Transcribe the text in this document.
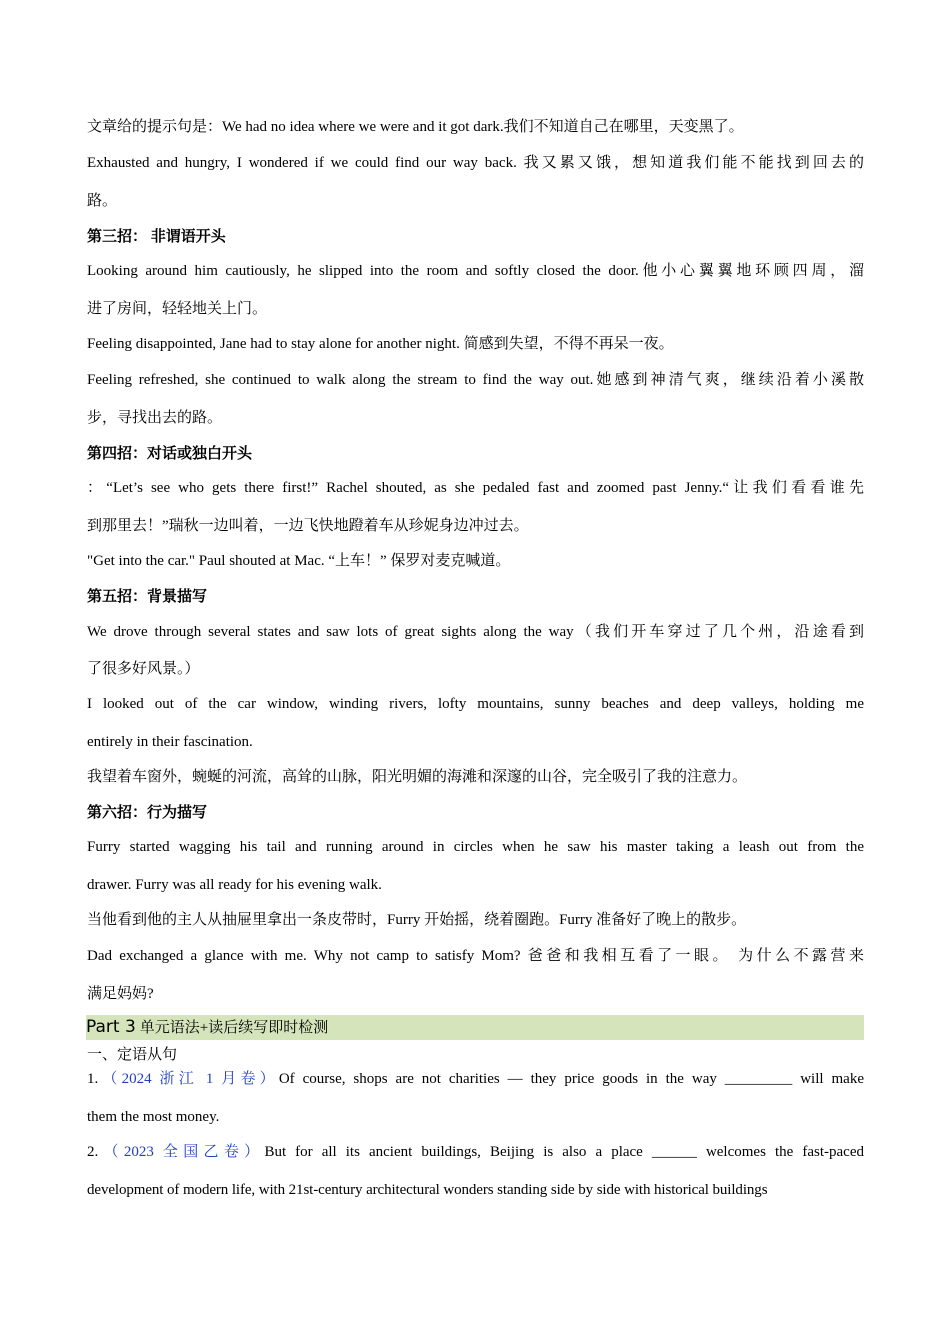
文章给的提示句是：We had no idea where we were and it got dark.我们不知道自己在哪里，天变黑了。
Exhausted and hungry, I wondered if we could find our way back. 我又累又饿，想知道我们能不能找到回去的
路。
第三招： 非谓语开头
Looking around him cautiously, he slipped into the room and softly closed the door.他小心翼翼地环顾四周，溜
进了房间，轻轻地关上门。
Feeling disappointed, Jane had to stay alone for another night. 简感到失望，不得不再呆一夜。
Feeling refreshed, she continued to walk along the stream to find the way out.她感到神清气爽，继续沿着小溪散
步，寻找出去的路。
第四招：对话或独白开头
：“Let’s see who gets there first!” Rachel shouted, as she pedaled fast and zoomed past Jenny.“让我们看看谁先
到那里去！”瑞秋一边叫着，一边飞快地蹬着车从珍妮身边冲过去。
"Get into the car." Paul shouted at Mac. “上车！” 保罗对麦克喊道。
第五招：背景描写
We drove through several states and saw lots of great sights along the way（我们开车穿过了几个州，沿途看到
了很多好风景。）
I looked out of the car window, winding rivers, lofty mountains, sunny beaches and deep valleys, holding me
entirely in their fascination.
我望着车窗外，蜿蜒的河流，高耸的山脉，阳光明媚的海滩和深邃的山谷，完全吸引了我的注意力。
第六招：行为描写
Furry started wagging his tail and running around in circles when he saw his master taking a leash out from the
drawer. Furry was all ready for his evening walk.
当他看到他的主人从抽屉里拿出一条皮带时，Furry 开始摇，绕着圈跑。Furry 准备好了晚上的散步。
Dad exchanged a glance with me. Why not camp to satisfy Mom? 爸爸和我相互看了一眼。 为什么不露营来
满足妈妈?
Part 3 单元语法+读后续写即时检测
一、定语从句
1.（2024 浙江 1 月卷）Of course, shops are not charities — they price goods in the way _________ will make
them the most money.
2.（2023 全国乙卷）But for all its ancient buildings, Beijing is also a place ______ welcomes the fast-paced
development of modern life, with 21st-century architectural wonders standing side by side with historical buildings
